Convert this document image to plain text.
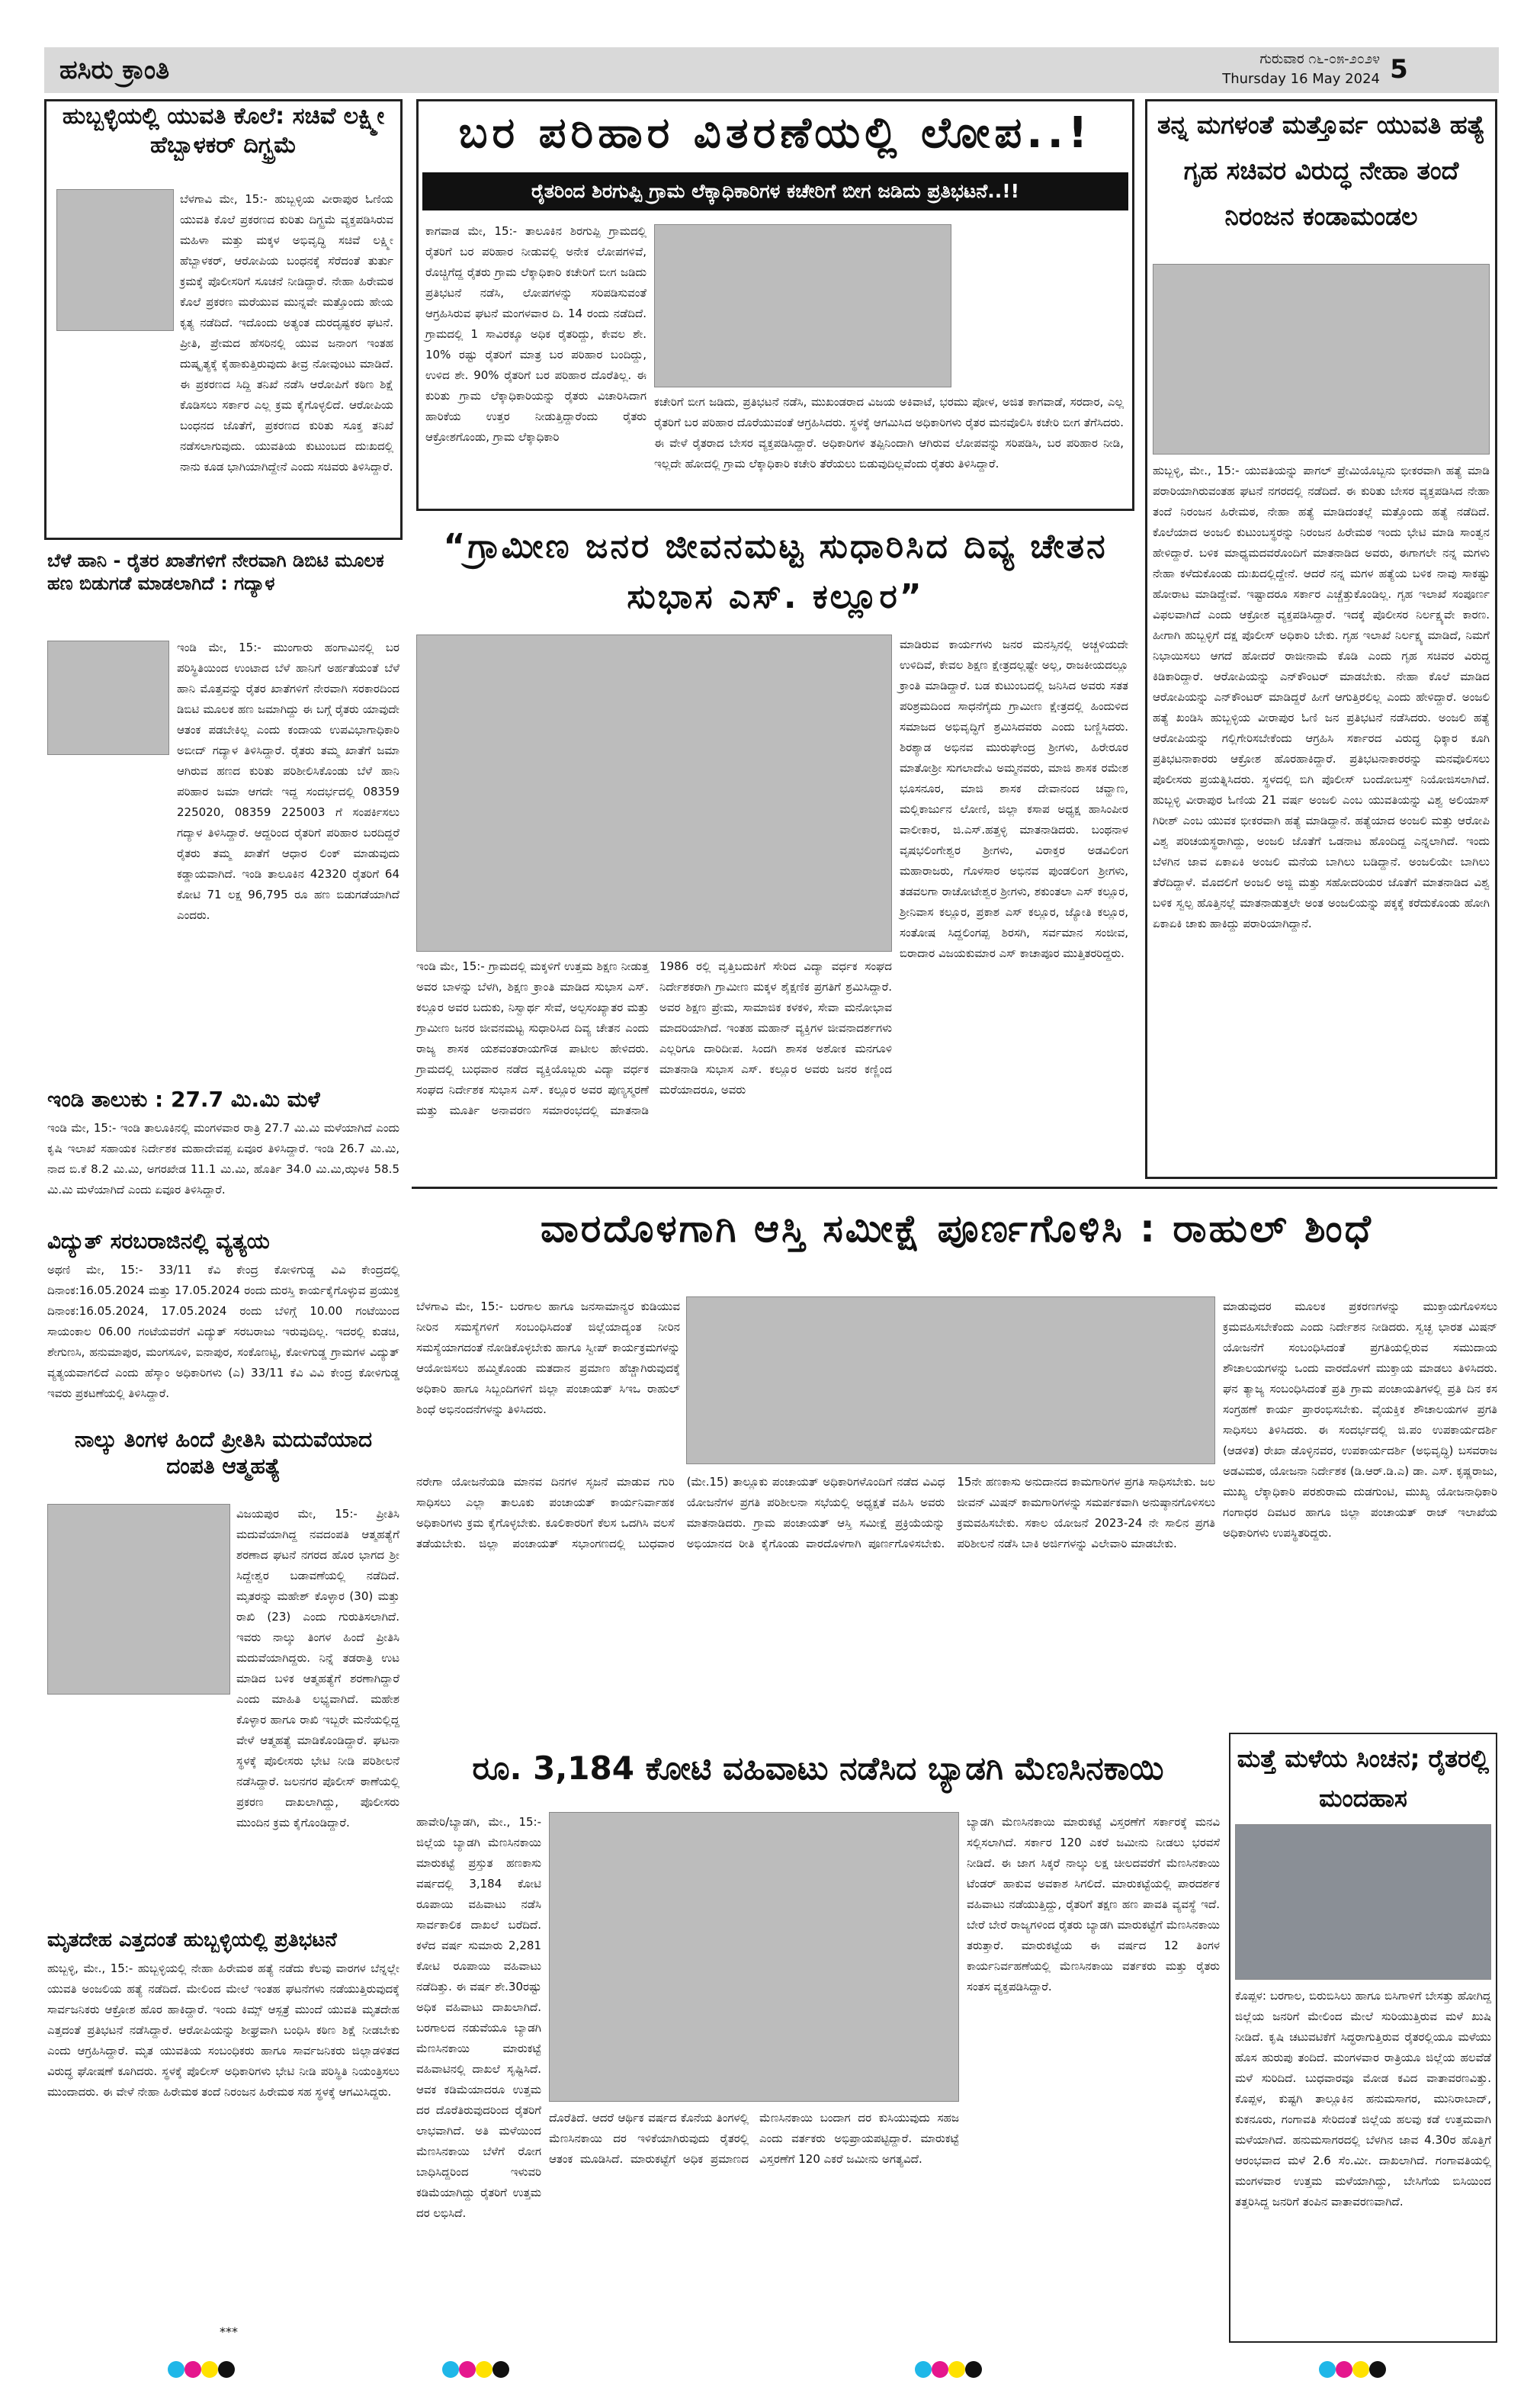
ಹಸಿರು ಕ್ರಾಂತಿ	ಗುರುವಾರ ೧೬-೦೫-೨೦೨೪
Thursday 16 May 2024 5
ಹುಬ್ಬಳ್ಳಿಯಲ್ಲಿ ಯುವತಿ ಕೊಲೆ: ಸಚಿವೆ ಲಕ್ಷ್ಮೀ ಹೆಬ್ಬಾಳಕರ್ ದಿಗ್ಭ್ರಮೆ
ಬೆಳಗಾವಿ ಮೇ, 15:- ಹುಬ್ಬಳ್ಳಿಯ ವೀರಾಪುರ ಓಣಿಯ ಯುವತಿ ಕೊಲೆ ಪ್ರಕರಣದ ಕುರಿತು ದಿಗ್ಭ್ರಮೆ ವ್ಯಕ್ತಪಡಿಸಿರುವ ಮಹಿಳಾ ಮತ್ತು ಮಕ್ಕಳ ಅಭಿವೃದ್ಧಿ ಸಚಿವೆ ಲಕ್ಷ್ಮೀ ಹೆಬ್ಬಾಳಕರ್, ಆರೋಪಿಯ ಬಂಧನಕ್ಕೆ ಸೆರೆದಂತೆ ತುರ್ತು ಕ್ರಮಕ್ಕೆ ಪೊಲೀಸರಿಗೆ ಸೂಚನೆ ನೀಡಿದ್ದಾರೆ. ನೇಹಾ ಹಿರೇಮಠ ಕೊಲೆ ಪ್ರಕರಣ ಮರೆಯುವ ಮುನ್ನವೇ ಮತ್ತೊಂದು ಹೇಯ ಕೃತ್ಯ ನಡೆದಿದೆ. ಇದೊಂದು ಅತ್ಯಂತ ದುರದೃಷ್ಟಕರ ಘಟನೆ. ಪ್ರೀತಿ, ಪ್ರೇಮದ ಹೆಸರಿನಲ್ಲಿ ಯುವ ಜನಾಂಗ ಇಂತಹ ದುಷ್ಕೃತ್ಯಕ್ಕೆ ಕೈಹಾಕುತ್ತಿರುವುದು ತೀವ್ರ ನೋವುಂಟು ಮಾಡಿದೆ. ಈ ಪ್ರಕರಣದ ಸಿದ್ದಿ ತನಿಖೆ ನಡೆಸಿ ಆರೋಪಿಗೆ ಕಠಿಣ ಶಿಕ್ಷೆ ಕೊಡಿಸಲು ಸರ್ಕಾರ ಎಲ್ಲ ಕ್ರಮ ಕೈಗೊಳ್ಳಲಿದೆ. ಆರೋಪಿಯ ಬಂಧನದ ಜೊತೆಗೆ, ಪ್ರಕರಣದ ಕುರಿತು ಸೂಕ್ತ ತನಿಖೆ ನಡೆಸಲಾಗುವುದು. ಯುವತಿಯ ಕುಟುಂಬದ ದುಃಖದಲ್ಲಿ ನಾನು ಕೂಡ ಭಾಗಿಯಾಗಿದ್ದೇನೆ ಎಂದು ಸಚಿವರು ತಿಳಿಸಿದ್ದಾರೆ.
ಬೆಳೆ ಹಾನಿ - ರೈತರ ಖಾತೆಗಳಿಗೆ ನೇರವಾಗಿ ಡಿಬಿಟಿ ಮೂಲಕ ಹಣ ಬಿಡುಗಡೆ ಮಾಡಲಾಗಿದೆ : ಗದ್ಯಾಳ
ಇಂಡಿ ಮೇ, 15:- ಮುಂಗಾರು ಹಂಗಾಮಿನಲ್ಲಿ ಬರ ಪರಿಸ್ಥಿತಿಯಿಂದ ಉಂಟಾದ ಬೆಳೆ ಹಾನಿಗೆ ಅರ್ಹತೆಯಂತೆ ಬೆಳೆ ಹಾನಿ ಮೊತ್ತವನ್ನು ರೈತರ ಖಾತೆಗಳಿಗೆ ನೇರವಾಗಿ ಸರಕಾರದಿಂದ ಡಿಬಿಟಿ ಮೂಲಕ ಹಣ ಜಮಾಗಿದ್ದು ಈ ಬಗ್ಗೆ ರೈತರು ಯಾವುದೇ ಆತಂಕ ಪಡಬೇಕಿಲ್ಲ ಎಂದು ಕಂದಾಯ ಉಪವಿಭಾಗಾಧಿಕಾರಿ ಅಬೀದ್ ಗದ್ಯಾಳ ತಿಳಿಸಿದ್ದಾರೆ. ರೈತರು ತಮ್ಮ ಖಾತೆಗೆ ಜಮಾ ಆಗಿರುವ ಹಣದ ಕುರಿತು ಪರಿಶೀಲಿಸಿಕೊಂಡು ಬೆಳೆ ಹಾನಿ ಪರಿಹಾರ ಜಮಾ ಆಗದೇ ಇದ್ದ ಸಂದರ್ಭದಲ್ಲಿ 08359 225020, 08359 225003 ಗೆ ಸಂಪರ್ಕಿಸಲು ಗದ್ಯಾಳ ತಿಳಿಸಿದ್ದಾರೆ. ಆದ್ದರಿಂದ ರೈತರಿಗೆ ಪರಿಹಾರ ಬರದಿದ್ದರೆ ರೈತರು ತಮ್ಮ ಖಾತೆಗೆ ಆಧಾರ ಲಿಂಕ್ ಮಾಡುವುದು ಕಡ್ಡಾಯವಾಗಿದೆ. ಇಂಡಿ ತಾಲೂಕಿನ 42320 ರೈತರಿಗೆ 64 ಕೋಟಿ 71 ಲಕ್ಷ 96,795 ರೂ ಹಣ ಬಿಡುಗಡೆಯಾಗಿದೆ ಎಂದರು.
ಇಂಡಿ ತಾಲುಕು : 27.7 ಮಿ.ಮಿ ಮಳೆ
ಇಂಡಿ ಮೇ, 15:- ಇಂಡಿ ತಾಲೂಕಿನಲ್ಲಿ ಮಂಗಳವಾರ ರಾತ್ರಿ 27.7 ಮಿ.ಮಿ ಮಳೆಯಾಗಿದೆ ಎಂದು ಕೃಷಿ ಇಲಾಖೆ ಸಹಾಯಕ ನಿರ್ದೇಶಕ ಮಹಾದೇವಪ್ಪ ಏವೂರ ತಿಳಿಸಿದ್ದಾರೆ. ಇಂಡಿ 26.7 ಮಿ.ಮಿ, ನಾದ ಬಿ.ಕೆ 8.2 ಮಿ.ಮಿ, ಅಗರಖೇಡ 11.1 ಮಿ.ಮಿ, ಹೊರ್ತಿ 34.0 ಮಿ.ಮಿ,ಝಳಕಿ 58.5 ಮಿ.ಮಿ ಮಳೆಯಾಗಿದೆ ಎಂದು ಏವೂರ ತಿಳಿಸಿದ್ದಾರೆ.
ವಿದ್ಯುತ್ ಸರಬರಾಜಿನಲ್ಲಿ ವ್ಯತ್ಯಯ
ಅಥಣಿ ಮೇ, 15:- 33/11 ಕೆವಿ ಕೇಂದ್ರ ಕೋಳಿಗುಡ್ಡ ವಿವಿ ಕೇಂದ್ರದಲ್ಲಿ ದಿನಾಂಕ:16.05.2024 ಮತ್ತು 17.05.2024 ರಂದು ದುರಸ್ತಿ ಕಾರ್ಯಕೈಗೊಳ್ಳುವ ಪ್ರಯುಕ್ತ ದಿನಾಂಕ:16.05.2024, 17.05.2024 ರಂದು ಬೆಳಿಗ್ಗೆ 10.00 ಗಂಟೆಯಿಂದ ಸಾಯಂಕಾಲ 06.00 ಗಂಟೆಯವರೆಗೆ ವಿದ್ಯುತ್ ಸರಬರಾಜು ಇರುವುದಿಲ್ಲ. ಇದರಲ್ಲಿ ಕುಡಚಿ, ಶೇಗುಣಸಿ, ಹನುಮಾಪುರ, ಮಂಗಸೂಳಿ, ಐನಾಪುರ, ಸಂಕೊಣಟ್ಟಿ, ಕೋಳಿಗುಡ್ಡ ಗ್ರಾಮಗಳ ವಿದ್ಯುತ್ ವ್ಯತ್ಯಯವಾಗಲಿದೆ ಎಂದು ಹೆಸ್ಕಾಂ ಅಧಿಕಾರಿಗಳು (ಎ) 33/11 ಕೆವಿ ವಿವಿ ಕೇಂದ್ರ ಕೋಳಿಗುಡ್ಡ ಇವರು ಪ್ರಕಟಣೆಯಲ್ಲಿ ತಿಳಿಸಿದ್ದಾರೆ.
ನಾಲ್ಕು ತಿಂಗಳ ಹಿಂದೆ ಪ್ರೀತಿಸಿ ಮದುವೆಯಾದ ದಂಪತಿ ಆತ್ಮಹತ್ಯೆ
ವಿಜಯಪುರ ಮೇ, 15:- ಪ್ರೀತಿಸಿ ಮದುವೆಯಾಗಿದ್ದ ನವದಂಪತಿ ಆತ್ಮಹತ್ಯೆಗೆ ಶರಣಾದ ಘಟನೆ ನಗರದ ಹೊರ ಭಾಗದ ಶ್ರೀ ಸಿದ್ದೇಶ್ವರ ಬಡಾವಣೆಯಲ್ಲಿ ನಡೆದಿದೆ. ಮೃತರನ್ನು ಮಹೇಶ್ ಕೊಳ್ಳಾರ (30) ಮತ್ತು ರಾಖಿ (23) ಎಂದು ಗುರುತಿಸಲಾಗಿದೆ. ಇವರು ನಾಲ್ಕು ತಿಂಗಳ ಹಿಂದೆ ಪ್ರೀತಿಸಿ ಮದುವೆಯಾಗಿದ್ದರು. ನಿನ್ನೆ ತಡರಾತ್ರಿ ಉಟ ಮಾಡಿದ ಬಳಿಕ ಆತ್ಮಹತ್ಯೆಗೆ ಶರಣಾಗಿದ್ದಾರೆ ಎಂದು ಮಾಹಿತಿ ಲಭ್ಯವಾಗಿದೆ. ಮಹೇಶ ಕೊಳ್ಳಾರ ಹಾಗೂ ರಾಖಿ ಇಬ್ಬರೇ ಮನೆಯಲ್ಲಿದ್ದ ವೇಳೆ ಆತ್ಮಹತ್ಯೆ ಮಾಡಿಕೊಂಡಿದ್ದಾರೆ. ಘಟನಾ ಸ್ಥಳಕ್ಕೆ ಪೊಲೀಸರು ಭೇಟಿ ನೀಡಿ ಪರಿಶೀಲನೆ ನಡೆಸಿದ್ದಾರೆ. ಜಲನಗರ ಪೊಲೀಸ್ ಠಾಣೆಯಲ್ಲಿ ಪ್ರಕರಣ ದಾಖಲಾಗಿದ್ದು, ಪೊಲೀಸರು ಮುಂದಿನ ಕ್ರಮ ಕೈಗೊಂಡಿದ್ದಾರೆ.
ಮೃತದೇಹ ಎತ್ತದಂತೆ ಹುಬ್ಬಳ್ಳಿಯಲ್ಲಿ ಪ್ರತಿಭಟನೆ
ಹುಬ್ಬಳ್ಳಿ, ಮೇ., 15:- ಹುಬ್ಬಳ್ಳಿಯಲ್ಲಿ ನೇಹಾ ಹಿರೇಮಠ ಹತ್ಯೆ ನಡೆದು ಕೆಲವು ವಾರಗಳ ಬೆನ್ನಲ್ಲೇ ಯುವತಿ ಅಂಜಲಿಯ ಹತ್ಯೆ ನಡೆದಿದೆ. ಮೇಲಿಂದ ಮೇಲೆ ಇಂತಹ ಘಟನೆಗಳು ನಡೆಯುತ್ತಿರುವುದಕ್ಕೆ ಸಾರ್ವಜನಿಕರು ಆಕ್ರೋಶ ಹೊರ ಹಾಕಿದ್ದಾರೆ. ಇಂದು ಕಿಮ್ಸ್ ಆಸ್ಪತ್ರೆ ಮುಂದೆ ಯುವತಿ ಮೃತದೇಹ ಎತ್ತದಂತೆ ಪ್ರತಿಭಟನೆ ನಡೆಸಿದ್ದಾರೆ. ಆರೋಪಿಯನ್ನು ಶೀಘ್ರವಾಗಿ ಬಂಧಿಸಿ ಕಠಿಣ ಶಿಕ್ಷೆ ನೀಡಬೇಕು ಎಂದು ಆಗ್ರಹಿಸಿದ್ದಾರೆ. ಮೃತ ಯುವತಿಯ ಸಂಬಂಧಿಕರು ಹಾಗೂ ಸಾರ್ವಜನಿಕರು ಜಿಲ್ಲಾಡಳಿತದ ವಿರುದ್ಧ ಘೋಷಣೆ ಕೂಗಿದರು. ಸ್ಥಳಕ್ಕೆ ಪೊಲೀಸ್ ಅಧಿಕಾರಿಗಳು ಭೇಟಿ ನೀಡಿ ಪರಿಸ್ಥಿತಿ ನಿಯಂತ್ರಿಸಲು ಮುಂದಾದರು. ಈ ವೇಳೆ ನೇಹಾ ಹಿರೇಮಠ ತಂದೆ ನಿರಂಜನ ಹಿರೇಮಠ ಸಹ ಸ್ಥಳಕ್ಕೆ ಆಗಮಿಸಿದ್ದರು.
***
ಬರ ಪರಿಹಾರ ವಿತರಣೆಯಲ್ಲಿ ಲೋಪ..!
ರೈತರಿಂದ ಶಿರಗುಪ್ಪಿ ಗ್ರಾಮ ಲೆಕ್ಕಾಧಿಕಾರಿಗಳ ಕಚೇರಿಗೆ ಬೀಗ ಜಡಿದು ಪ್ರತಿಭಟನೆ..!!
ಕಾಗವಾಡ ಮೇ, 15:- ತಾಲೂಕಿನ ಶಿರಗುಪ್ಪಿ ಗ್ರಾಮದಲ್ಲಿ ರೈತರಿಗೆ ಬರ ಪರಿಹಾರ ನೀಡುವಲ್ಲಿ ಅನೇಕ ಲೋಪಗಳಿವೆ, ರೊಚ್ಚಿಗೆದ್ದ ರೈತರು ಗ್ರಾಮ ಲೆಕ್ಕಾಧಿಕಾರಿ ಕಚೇರಿಗೆ ಬೀಗ ಜಡಿದು ಪ್ರತಿಭಟನೆ ನಡೆಸಿ, ಲೋಪಗಳನ್ನು ಸರಿಪಡಿಸುವಂತೆ ಆಗ್ರಹಿಸಿರುವ ಘಟನೆ ಮಂಗಳವಾರ ದಿ. 14 ರಂದು ನಡೆದಿದೆ. ಗ್ರಾಮದಲ್ಲಿ 1 ಸಾವಿರಕ್ಕೂ ಅಧಿಕ ರೈತರಿದ್ದು, ಕೇವಲ ಶೇ. 10% ರಷ್ಟು ರೈತರಿಗೆ ಮಾತ್ರ ಬರ ಪರಿಹಾರ ಬಂದಿದ್ದು, ಉಳಿದ ಶೇ. 90% ರೈತರಿಗೆ ಬರ ಪರಿಹಾರ ದೊರೆತಿಲ್ಲ. ಈ ಕುರಿತು ಗ್ರಾಮ ಲೆಕ್ಕಾಧಿಕಾರಿಯನ್ನು ರೈತರು ವಿಚಾರಿಸಿದಾಗ ಹಾರಿಕೆಯ ಉತ್ತರ ನೀಡುತ್ತಿದ್ದಾರೆಂದು ರೈತರು ಆಕ್ರೋಶಗೊಂಡು, ಗ್ರಾಮ ಲೆಕ್ಕಾಧಿಕಾರಿ
ಕಚೇರಿಗೆ ಬೀಗ ಜಡಿದು, ಪ್ರತಿಭಟನೆ ನಡೆಸಿ, ಮುಖಂಡರಾದ ವಿಜಯ ಅಕಿವಾಟೆ, ಭರಮು ಪೋಳ, ಅಜಿತ ಕಾಗವಾಡೆ, ಸರದಾರ, ಎಲ್ಲ ರೈತರಿಗೆ ಬರ ಪರಿಹಾರ ದೊರೆಯುವಂತೆ ಆಗ್ರಹಿಸಿದರು. ಸ್ಥಳಕ್ಕೆ ಆಗಮಿಸಿದ ಅಧಿಕಾರಿಗಳು ರೈತರ ಮನವೊಲಿಸಿ ಕಚೇರಿ ಬೀಗ ತೆಗೆಸಿದರು. ಈ ವೇಳೆ ರೈತರಾದ ಬೇಸರ ವ್ಯಕ್ತಪಡಿಸಿದ್ದಾರೆ. ಅಧಿಕಾರಿಗಳ ತಪ್ಪಿನಿಂದಾಗಿ ಆಗಿರುವ ಲೋಪವನ್ನು ಸರಿಪಡಿಸಿ, ಬರ ಪರಿಹಾರ ನೀಡಿ, ಇಲ್ಲದೇ ಹೋದಲ್ಲಿ ಗ್ರಾಮ ಲೆಕ್ಕಾಧಿಕಾರಿ ಕಚೇರಿ ತೆರೆಯಲು ಬಿಡುವುದಿಲ್ಲವೆಂದು ರೈತರು ತಿಳಿಸಿದ್ದಾರೆ.
“ಗ್ರಾಮೀಣ ಜನರ ಜೀವನಮಟ್ಟ ಸುಧಾರಿಸಿದ ದಿವ್ಯ ಚೇತನ ಸುಭಾಸ ಎಸ್. ಕಲ್ಲೂರ”
ಮಾಡಿರುವ ಕಾರ್ಯಗಳು ಜನರ ಮನಸ್ಸಿನಲ್ಲಿ ಅಚ್ಚಳಿಯದೇ ಉಳಿದಿವೆ, ಕೇವಲ ಶಿಕ್ಷಣ ಕ್ಷೇತ್ರದಲ್ಲಷ್ಟೇ ಅಲ್ಲ, ರಾಜಕೀಯದಲ್ಲೂ ಕ್ರಾಂತಿ ಮಾಡಿದ್ದಾರೆ. ಬಡ ಕುಟುಂಬದಲ್ಲಿ ಜನಿಸಿದ ಅವರು ಸತತ ಪರಿಶ್ರಮದಿಂದ ಸಾಧನೆಗೈದು ಗ್ರಾಮೀಣ ಕ್ಷೇತ್ರದಲ್ಲಿ ಹಿಂದುಳಿದ ಸಮಾಜದ ಅಭಿವೃದ್ಧಿಗೆ ಶ್ರಮಿಸಿದವರು ಎಂದು ಬಣ್ಣಿಸಿದರು. ಶಿರಶ್ಯಾಡ ಅಭಿನವ ಮುರುಘೇಂದ್ರ ಶ್ರೀಗಳು, ಹಿರೇರೂರ ಮಾತೋಶ್ರೀ ಸುಗಲಾದೇವಿ ಅಮ್ಮನವರು, ಮಾಜಿ ಶಾಸಕ ರಮೇಶ ಭೂಸನೂರ, ಮಾಜಿ ಶಾಸಕ ದೇವಾನಂದ ಚವ್ಹಾಣ, ಮಲ್ಲಿಕಾರ್ಜುನ ಲೋಣಿ, ಜಿಲ್ಲಾ ಕಸಾಪ ಅಧ್ಯಕ್ಷ ಹಾಸಿಂಪೀರ ವಾಲೀಕಾರ, ಜಿ.ಎಸ್.ಹತ್ತಳ್ಳಿ ಮಾತನಾಡಿದರು. ಬಂಥನಾಳ ವೃಷಭಲಿಂಗೇಶ್ವರ ಶ್ರೀಗಳು, ವಿರಾಕ್ತರ ಅಡವಿಲಿಂಗ ಮಹಾರಾಜರು, ಗೊಳಸಾರ ಅಭಿನವ ಪುಂಡಲಿಂಗ ಶ್ರೀಗಳು, ತಡವಲಗಾ ರಾಚೋಟೇಶ್ವರ ಶ್ರೀಗಳು, ಶಕುಂತಲಾ ಎಸ್ ಕಲ್ಲೂರ, ಶ್ರೀನಿವಾಸ ಕಲ್ಲೂರ, ಪ್ರಕಾಶ ಎಸ್ ಕಲ್ಲೂರ, ಜ್ಯೋತಿ ಕಲ್ಲೂರ, ಸಂತೋಷ ಸಿದ್ದಲಿಂಗಪ್ಪ ಶಿರಸಗಿ, ಸರ್ವಮಾನ ಸಂಜೀವ, ಬಿರಾದಾರ ವಿಜಯಕುಮಾರ ಎಸ್ ಕಾಚಾಪೂರ ಮುತ್ತಿತರರಿದ್ದರು.
ಇಂಡಿ ಮೇ, 15:- ಗ್ರಾಮದಲ್ಲಿ ಮಕ್ಕಳಿಗೆ ಉತ್ತಮ ಶಿಕ್ಷಣ ನೀಡುತ್ತ ಅವರ ಬಾಳನ್ನು ಬೆಳಗಿ, ಶಿಕ್ಷಣ ಕ್ರಾಂತಿ ಮಾಡಿದ ಸುಭಾಸ ಎಸ್. ಕಲ್ಲೂರ ಅವರ ಬದುಕು, ನಿಸ್ವಾರ್ಥ ಸೇವೆ, ಅಲ್ಪಸಂಖ್ಯಾತರ ಮತ್ತು ಗ್ರಾಮೀಣ ಜನರ ಜೀವನಮಟ್ಟ ಸುಧಾರಿಸಿದ ದಿವ್ಯ ಚೇತನ ಎಂದು ರಾಜ್ಯ ಶಾಸಕ ಯಶವಂತರಾಯಗೌಡ ಪಾಟೀಲ ಹೇಳಿದರು. ಗ್ರಾಮದಲ್ಲಿ ಬುಧವಾರ ನಡೆದ ವ್ಯಕ್ತಿಯೊಬ್ಬರು ವಿದ್ಯಾ ವರ್ಧಕ ಸಂಘದ ನಿರ್ದೇಶಕ ಸುಭಾಸ ಎಸ್. ಕಲ್ಲೂರ ಅವರ ಪುಣ್ಯಸ್ಮರಣೆ ಮತ್ತು ಮೂರ್ತಿ ಅನಾವರಣ ಸಮಾರಂಭದಲ್ಲಿ ಮಾತನಾಡಿ 1986 ರಲ್ಲಿ ವೃತ್ತಿಬದುಕಿಗೆ ಸೇರಿದ ವಿದ್ಯಾ ವರ್ಧಕ ಸಂಘದ ನಿರ್ದೇಶಕರಾಗಿ ಗ್ರಾಮೀಣ ಮಕ್ಕಳ ಶೈಕ್ಷಣಿಕ ಪ್ರಗತಿಗೆ ಶ್ರಮಿಸಿದ್ದಾರೆ. ಅವರ ಶಿಕ್ಷಣ ಪ್ರೇಮ, ಸಾಮಾಜಿಕ ಕಳಕಳಿ, ಸೇವಾ ಮನೋಭಾವ ಮಾದರಿಯಾಗಿದೆ. ಇಂತಹ ಮಹಾನ್ ವ್ಯಕ್ತಿಗಳ ಜೀವನಾದರ್ಶಗಳು ಎಲ್ಲರಿಗೂ ದಾರಿದೀಪ. ಸಿಂದಗಿ ಶಾಸಕ ಅಶೋಕ ಮನಗೂಳಿ ಮಾತನಾಡಿ ಸುಭಾಸ ಎಸ್. ಕಲ್ಲೂರ ಅವರು ಜನರ ಕಣ್ಣಿಂದ ಮರೆಯಾದರೂ, ಅವರು
ತನ್ನ ಮಗಳಂತೆ ಮತ್ತೊರ್ವ ಯುವತಿ ಹತ್ಯೆ ಗೃಹ ಸಚಿವರ ವಿರುದ್ಧ ನೇಹಾ ತಂದೆ ನಿರಂಜನ ಕಂಡಾಮಂಡಲ
ಹುಬ್ಬಳ್ಳಿ, ಮೇ., 15:- ಯುವತಿಯನ್ನು ಪಾಗಲ್ ಪ್ರೇಮಿಯೊಬ್ಬನು ಭೀಕರವಾಗಿ ಹತ್ಯೆ ಮಾಡಿ ಪರಾರಿಯಾಗಿರುವಂತಹ ಘಟನೆ ನಗರದಲ್ಲಿ ನಡೆದಿದೆ. ಈ ಕುರಿತು ಬೇಸರ ವ್ಯಕ್ತಪಡಿಸಿದ ನೇಹಾ ತಂದೆ ನಿರಂಜನ ಹಿರೇಮಠ, ನೇಹಾ ಹತ್ಯೆ ಮಾಡಿದಂತಲ್ಲೆ ಮತ್ತೊಂದು ಹತ್ಯೆ ನಡೆದಿದೆ. ಕೊಲೆಯಾದ ಅಂಜಲಿ ಕುಟುಂಬಸ್ಥರನ್ನು ನಿರಂಜನ ಹಿರೇಮಠ ಇಂದು ಭೇಟಿ ಮಾಡಿ ಸಾಂತ್ವನ ಹೇಳಿದ್ದಾರೆ. ಬಳಿಕ ಮಾಧ್ಯಮದವರೊಂದಿಗೆ ಮಾತನಾಡಿದ ಅವರು, ಈಗಾಗಲೇ ನನ್ನ ಮಗಳು ನೇಹಾ ಕಳೆದುಕೊಂಡು ದುಃಖದಲ್ಲಿದ್ದೇನೆ. ಆದರೆ ನನ್ನ ಮಗಳ ಹತ್ಯೆಯ ಬಳಿಕ ನಾವು ಸಾಕಷ್ಟು ಹೋರಾಟ ಮಾಡಿದ್ದೇವೆ. ಇಷ್ಟಾದರೂ ಸರ್ಕಾರ ಎಚ್ಚೆತ್ತುಕೊಂಡಿಲ್ಲ. ಗೃಹ ಇಲಾಖೆ ಸಂಪೂರ್ಣ ವಿಫಲವಾಗಿದೆ ಎಂದು ಆಕ್ರೋಶ ವ್ಯಕ್ತಪಡಿಸಿದ್ದಾರೆ. ಇದಕ್ಕೆ ಪೊಲೀಸರ ನಿರ್ಲಕ್ಷ್ಯವೇ ಕಾರಣ. ಹೀಗಾಗಿ ಹುಬ್ಬಳ್ಳಿಗೆ ದಕ್ಷ ಪೊಲೀಸ್ ಅಧಿಕಾರಿ ಬೇಕು. ಗೃಹ ಇಲಾಖೆ ನಿರ್ಲಕ್ಷ್ಯ ಮಾಡಿದೆ, ನಿಮಗೆ ನಿಭಾಯಿಸಲು ಆಗದೆ ಹೋದರೆ ರಾಜೀನಾಮೆ ಕೊಡಿ ಎಂದು ಗೃಹ ಸಚಿವರ ವಿರುದ್ಧ ಕಿಡಿಕಾರಿದ್ದಾರೆ. ಆರೋಪಿಯನ್ನು ಎನ್‌ಕೌಂಟರ್ ಮಾಡಬೇಕು. ನೇಹಾ ಕೊಲೆ ಮಾಡಿದ ಆರೋಪಿಯನ್ನು ಎನ್‌ಕೌಂಟರ್ ಮಾಡಿದ್ದರೆ ಹೀಗೆ ಆಗುತ್ತಿರಲಿಲ್ಲ ಎಂದು ಹೇಳಿದ್ದಾರೆ. ಅಂಜಲಿ ಹತ್ಯೆ ಖಂಡಿಸಿ ಹುಬ್ಬಳ್ಳಿಯ ವೀರಾಪುರ ಓಣಿ ಜನ ಪ್ರತಿಭಟನೆ ನಡೆಸಿದರು. ಅಂಜಲಿ ಹತ್ಯೆ ಆರೋಪಿಯನ್ನು ಗಲ್ಲಿಗೇರಿಸಬೇಕೆಂದು ಆಗ್ರಹಿಸಿ ಸರ್ಕಾರದ ವಿರುದ್ಧ ಧಿಕ್ಕಾರ ಕೂಗಿ ಪ್ರತಿಭಟನಾಕಾರರು ಆಕ್ರೋಶ ಹೊರಹಾಕಿದ್ದಾರೆ. ಪ್ರತಿಭಟನಾಕಾರರನ್ನು ಮನವೊಲಿಸಲು ಪೊಲೀಸರು ಪ್ರಯತ್ನಿಸಿದರು. ಸ್ಥಳದಲ್ಲಿ ಬಿಗಿ ಪೊಲೀಸ್ ಬಂದೋಬಸ್ತ್ ನಿಯೋಜಿಸಲಾಗಿದೆ. ಹುಬ್ಬಳ್ಳಿ ವೀರಾಪುರ ಓಣಿಯ 21 ವರ್ಷ ಅಂಜಲಿ ಎಂಬ ಯುವತಿಯನ್ನು ವಿಶ್ವ ಅಲಿಯಾಸ್ ಗಿರೀಶ್ ಎಂಬ ಯುವಕ ಭೀಕರವಾಗಿ ಹತ್ಯೆ ಮಾಡಿದ್ದಾನೆ. ಹತ್ಯೆಯಾದ ಅಂಜಲಿ ಮತ್ತು ಆರೋಪಿ ವಿಶ್ವ ಪರಿಚಯಸ್ಥರಾಗಿದ್ದು, ಅಂಜಲಿ ಜೊತೆಗೆ ಒಡನಾಟ ಹೊಂದಿದ್ದ ಎನ್ನಲಾಗಿದೆ. ಇಂದು ಬೆಳಗಿನ ಜಾವ ಏಕಾಏಕಿ ಅಂಜಲಿ ಮನೆಯ ಬಾಗಿಲು ಬಡಿದ್ದಾನೆ. ಅಂಜಲಿಯೇ ಬಾಗಿಲು ತೆರೆದಿದ್ದಾಳೆ. ಮೊದಲಿಗೆ ಅಂಜಲಿ ಅಜ್ಜಿ ಮತ್ತು ಸಹೋದರಿಯರ ಜೊತೆಗೆ ಮಾತನಾಡಿದ ವಿಶ್ವ ಬಳಿಕ ಸ್ವಲ್ಪ ಹೊತ್ತಿನಲ್ಲೆ ಮಾತನಾಡುತ್ತಲೇ ಅಂತ ಅಂಜಲಿಯನ್ನು ಪಕ್ಕಕ್ಕೆ ಕರೆದುಕೊಂಡು ಹೋಗಿ ಏಕಾಏಕಿ ಚಾಕು ಹಾಕಿದ್ದು ಪರಾರಿಯಾಗಿದ್ದಾನೆ.
ವಾರದೊಳಗಾಗಿ ಆಸ್ತಿ ಸಮೀಕ್ಷೆ ಪೂರ್ಣಗೊಳಿಸಿ : ರಾಹುಲ್ ಶಿಂಧೆ
ಬೆಳಗಾವಿ ಮೇ, 15:- ಬರಗಾಲ ಹಾಗೂ ಜನಸಾಮಾನ್ಯರ ಕುಡಿಯುವ ನೀರಿನ ಸಮಸ್ಯೆಗಳಿಗೆ ಸಂಬಂಧಿಸಿದಂತೆ ಜಿಲ್ಲೆಯಾದ್ಯಂತ ನೀರಿನ ಸಮಸ್ಯೆಯಾಗದಂತೆ ನೋಡಿಕೊಳ್ಳಬೇಕು ಹಾಗೂ ಸ್ವೀಪ್ ಕಾರ್ಯಕ್ರಮಗಳನ್ನು ಆಯೋಜಿಸಲು ಹಮ್ಮಿಕೊಂಡು ಮತದಾನ ಪ್ರಮಾಣ ಹೆಚ್ಚಾಗಿರುವುದಕ್ಕೆ ಅಧಿಕಾರಿ ಹಾಗೂ ಸಿಬ್ಬಂದಿಗಳಿಗೆ ಜಿಲ್ಲಾ ಪಂಚಾಯತ್ ಸಿಇಒ ರಾಹುಲ್ ಶಿಂಧೆ ಅಭಿನಂದನೆಗಳನ್ನು ತಿಳಿಸಿದರು.
ಮಾಡುವುದರ ಮೂಲಕ ಪ್ರಕರಣಗಳನ್ನು ಮುಕ್ತಾಯಗೊಳಿಸಲು ಕ್ರಮವಹಿಸಬೇಕೆಂದು ಎಂದು ನಿರ್ದೇಶನ ನೀಡಿದರು. ಸ್ವಚ್ಛ ಭಾರತ ಮಿಷನ್ ಯೋಜನೆಗೆ ಸಂಬಂಧಿಸಿದಂತೆ ಪ್ರಗತಿಯಲ್ಲಿರುವ ಸಮುದಾಯ ಶೌಚಾಲಯಗಳನ್ನು ಒಂದು ವಾರದೊಳಗೆ ಮುಕ್ತಾಯ ಮಾಡಲು ತಿಳಿಸಿದರು. ಘನ ತ್ಯಾಜ್ಯ ಸಂಬಂಧಿಸಿದಂತೆ ಪ್ರತಿ ಗ್ರಾಮ ಪಂಚಾಯತಿಗಳಲ್ಲಿ ಪ್ರತಿ ದಿನ ಕಸ ಸಂಗ್ರಹಣೆ ಕಾರ್ಯ ಪ್ರಾರಂಭಿಸಬೇಕು. ವೈಯಕ್ತಿಕ ಶೌಚಾಲಯಗಳ ಪ್ರಗತಿ ಸಾಧಿಸಲು ತಿಳಿಸಿದರು. ಈ ಸಂದರ್ಭದಲ್ಲಿ ಜಿ.ಪಂ ಉಪಕಾರ್ಯದರ್ಶಿ (ಆಡಳಿತ) ರೇಖಾ ಡೊಳ್ಳಿನವರ, ಉಪಕಾರ್ಯದರ್ಶಿ (ಅಭಿವೃದ್ಧಿ) ಬಸವರಾಜ ಅಡವಿಮಠ, ಯೋಜನಾ ನಿರ್ದೇಶಕ (ಡಿ.ಆರ್.ಡಿ.ಎ) ಡಾ. ಎಸ್. ಕೃಷ್ಣರಾಜು, ಮುಖ್ಯ ಲೆಕ್ಕಾಧಿಕಾರಿ ಪರಶುರಾಮ ದುಡಗುಂಟಿ, ಮುಖ್ಯ ಯೋಜನಾಧಿಕಾರಿ ಗಂಗಾಧರ ದಿವಟರ ಹಾಗೂ ಜಿಲ್ಲಾ ಪಂಚಾಯತ್ ರಾಜ್ ಇಲಾಖೆಯ ಅಧಿಕಾರಿಗಳು ಉಪಸ್ಥಿತರಿದ್ದರು.
ನರೇಗಾ ಯೋಜನೆಯಡಿ ಮಾನವ ದಿನಗಳ ಸೃಜನೆ ಮಾಡುವ ಗುರಿ ಸಾಧಿಸಲು ಎಲ್ಲಾ ತಾಲೂಕು ಪಂಚಾಯತ್ ಕಾರ್ಯನಿರ್ವಾಹಕ ಅಧಿಕಾರಿಗಳು ಕ್ರಮ ಕೈಗೊಳ್ಳಬೇಕು. ಕೂಲಿಕಾರರಿಗೆ ಕೆಲಸ ಒದಗಿಸಿ ವಲಸೆ ತಡೆಯಬೇಕು. ಜಿಲ್ಲಾ ಪಂಚಾಯತ್ ಸಭಾಂಗಣದಲ್ಲಿ ಬುಧವಾರ (ಮೇ.15) ತಾಲ್ಲೂಕು ಪಂಚಾಯತ್ ಅಧಿಕಾರಿಗಳೊಂದಿಗೆ ನಡೆದ ವಿವಿಧ ಯೋಜನೆಗಳ ಪ್ರಗತಿ ಪರಿಶೀಲನಾ ಸಭೆಯಲ್ಲಿ ಅಧ್ಯಕ್ಷತೆ ವಹಿಸಿ ಅವರು ಮಾತನಾಡಿದರು. ಗ್ರಾಮ ಪಂಚಾಯತ್ ಆಸ್ತಿ ಸಮೀಕ್ಷೆ ಪ್ರಕ್ರಿಯೆಯನ್ನು ಅಭಿಯಾನದ ರೀತಿ ಕೈಗೊಂಡು ವಾರದೊಳಗಾಗಿ ಪೂರ್ಣಗೊಳಿಸಬೇಕು. 15ನೇ ಹಣಕಾಸು ಅನುದಾನದ ಕಾಮಗಾರಿಗಳ ಪ್ರಗತಿ ಸಾಧಿಸಬೇಕು. ಜಲ ಜೀವನ್ ಮಿಷನ್ ಕಾಮಗಾರಿಗಳನ್ನು ಸಮರ್ಪಕವಾಗಿ ಅನುಷ್ಠಾನಗೊಳಿಸಲು ಕ್ರಮವಹಿಸಬೇಕು. ಸಕಾಲ ಯೋಜನೆ 2023-24 ನೇ ಸಾಲಿನ ಪ್ರಗತಿ ಪರಿಶೀಲನೆ ನಡೆಸಿ ಬಾಕಿ ಅರ್ಜಿಗಳನ್ನು ವಿಲೇವಾರಿ ಮಾಡಬೇಕು.
ರೂ. 3,184 ಕೋಟಿ ವಹಿವಾಟು ನಡೆಸಿದ ಬ್ಯಾಡಗಿ ಮೆಣಸಿನಕಾಯಿ
ಹಾವೇರಿ/ಬ್ಯಾಡಗಿ, ಮೇ., 15:- ಜಿಲ್ಲೆಯ ಬ್ಯಾಡಗಿ ಮೆಣಸಿನಕಾಯಿ ಮಾರುಕಟ್ಟೆ ಪ್ರಸ್ತುತ ಹಣಕಾಸು ವರ್ಷದಲ್ಲಿ 3,184 ಕೋಟಿ ರೂಪಾಯಿ ವಹಿವಾಟು ನಡೆಸಿ ಸಾರ್ವಕಾಲಿಕ ದಾಖಲೆ ಬರೆದಿದೆ. ಕಳೆದ ವರ್ಷ ಸುಮಾರು 2,281 ಕೋಟಿ ರೂಪಾಯಿ ವಹಿವಾಟು ನಡೆದಿತ್ತು. ಈ ವರ್ಷ ಶೇ.30ರಷ್ಟು ಅಧಿಕ ವಹಿವಾಟು ದಾಖಲಾಗಿದೆ. ಬರಗಾಲದ ನಡುವೆಯೂ ಬ್ಯಾಡಗಿ ಮೆಣಸಿನಕಾಯಿ ಮಾರುಕಟ್ಟೆ ವಹಿವಾಟಿನಲ್ಲಿ ದಾಖಲೆ ಸೃಷ್ಟಿಸಿದೆ. ಆವಕ ಕಡಿಮೆಯಾದರೂ ಉತ್ತಮ ದರ ದೊರೆತಿರುವುದರಿಂದ ರೈತರಿಗೆ ಲಾಭವಾಗಿದೆ. ಅತಿ ಮಳೆಯಿಂದ ಮೆಣಸಿನಕಾಯಿ ಬೆಳೆಗೆ ರೋಗ ಬಾಧಿಸಿದ್ದರಿಂದ ಇಳುವರಿ ಕಡಿಮೆಯಾಗಿದ್ದು ರೈತರಿಗೆ ಉತ್ತಮ ದರ ಲಭಿಸಿದೆ.
ದೊರೆತಿದೆ. ಆದರೆ ಆರ್ಥಿಕ ವರ್ಷದ ಕೊನೆಯ ತಿಂಗಳಲ್ಲಿ ಮೆಣಸಿನಕಾಯಿ ದರ ಇಳಿಕೆಯಾಗಿರುವುದು ರೈತರಲ್ಲಿ ಆತಂಕ ಮೂಡಿಸಿದೆ. ಮಾರುಕಟ್ಟೆಗೆ ಅಧಿಕ ಪ್ರಮಾಣದ ಮೆಣಸಿನಕಾಯಿ ಬಂದಾಗ ದರ ಕುಸಿಯುವುದು ಸಹಜ ಎಂದು ವರ್ತಕರು ಅಭಿಪ್ರಾಯಪಟ್ಟಿದ್ದಾರೆ. ಮಾರುಕಟ್ಟೆ ವಿಸ್ತರಣೆಗೆ 120 ಎಕರೆ ಜಮೀನು ಅಗತ್ಯವಿದೆ.
ಬ್ಯಾಡಗಿ ಮೆಣಸಿನಕಾಯಿ ಮಾರುಕಟ್ಟೆ ವಿಸ್ತರಣೆಗೆ ಸರ್ಕಾರಕ್ಕೆ ಮನವಿ ಸಲ್ಲಿಸಲಾಗಿದೆ. ಸರ್ಕಾರ 120 ಎಕರೆ ಜಮೀನು ನೀಡಲು ಭರವಸೆ ನೀಡಿದೆ. ಈ ಜಾಗ ಸಿಕ್ಕರೆ ನಾಲ್ಕು ಲಕ್ಷ ಚೀಲದವರೆಗೆ ಮೆಣಸಿನಕಾಯಿ ಟೆಂಡರ್ ಹಾಕುವ ಅವಕಾಶ ಸಿಗಲಿದೆ. ಮಾರುಕಟ್ಟೆಯಲ್ಲಿ ಪಾರದರ್ಶಕ ವಹಿವಾಟು ನಡೆಯುತ್ತಿದ್ದು, ರೈತರಿಗೆ ತಕ್ಷಣ ಹಣ ಪಾವತಿ ವ್ಯವಸ್ಥೆ ಇದೆ. ಬೇರೆ ಬೇರೆ ರಾಜ್ಯಗಳಿಂದ ರೈತರು ಬ್ಯಾಡಗಿ ಮಾರುಕಟ್ಟೆಗೆ ಮೆಣಸಿನಕಾಯಿ ತರುತ್ತಾರೆ. ಮಾರುಕಟ್ಟೆಯ ಈ ವರ್ಷದ 12 ತಿಂಗಳ ಕಾರ್ಯನಿರ್ವಹಣೆಯಲ್ಲಿ ಮೆಣಸಿನಕಾಯಿ ವರ್ತಕರು ಮತ್ತು ರೈತರು ಸಂತಸ ವ್ಯಕ್ತಪಡಿಸಿದ್ದಾರೆ.
ಮತ್ತೆ ಮಳೆಯ ಸಿಂಚನ; ರೈತರಲ್ಲಿ ಮಂದಹಾಸ
ಕೊಪ್ಪಳ: ಬರಗಾಲ, ಬಿರುಬಿಸಿಲು ಹಾಗೂ ಬಿಸಿಗಾಳಿಗೆ ಬೇಸತ್ತು ಹೋಗಿದ್ದ ಜಿಲ್ಲೆಯ ಜನರಿಗೆ ಮೇಲಿಂದ ಮೇಲೆ ಸುರಿಯುತ್ತಿರುವ ಮಳೆ ಖುಷಿ ನೀಡಿದೆ. ಕೃಷಿ ಚಟುವಟಿಕೆಗೆ ಸಿದ್ಧರಾಗುತ್ತಿರುವ ರೈತರಲ್ಲಿಯೂ ಮಳೆಯು ಹೊಸ ಹುರುಪು ತಂದಿದೆ. ಮಂಗಳವಾರ ರಾತ್ರಿಯೂ ಜಿಲ್ಲೆಯ ಹಲವೆಡೆ ಮಳೆ ಸುರಿದಿದೆ. ಬುಧವಾರವೂ ಮೋಡ ಕವಿದ ವಾತಾವರಣವಿತ್ತು. ಕೊಪ್ಪಳ, ಕುಷ್ಟಗಿ ತಾಲ್ಲೂಕಿನ ಹನುಮಸಾಗರ, ಮುನಿರಾಬಾದ್, ಕುಕನೂರು, ಗಂಗಾವತಿ ಸೇರಿದಂತೆ ಜಿಲ್ಲೆಯ ಹಲವು ಕಡೆ ಉತ್ತಮವಾಗಿ ಮಳೆಯಾಗಿದೆ. ಹನುಮಸಾಗರದಲ್ಲಿ ಬೆಳಗಿನ ಜಾವ 4.30ರ ಹೊತ್ತಿಗೆ ಆರಂಭವಾದ ಮಳೆ 2.6 ಸೆಂ.ಮೀ. ದಾಖಲಾಗಿದೆ. ಗಂಗಾವತಿಯಲ್ಲಿ ಮಂಗಳವಾರ ಉತ್ತಮ ಮಳೆಯಾಗಿದ್ದು, ಬೇಸಿಗೆಯ ಬಿಸಿಯಿಂದ ತತ್ತರಿಸಿದ್ದ ಜನರಿಗೆ ತಂಪಿನ ವಾತಾವರಣವಾಗಿದೆ.
